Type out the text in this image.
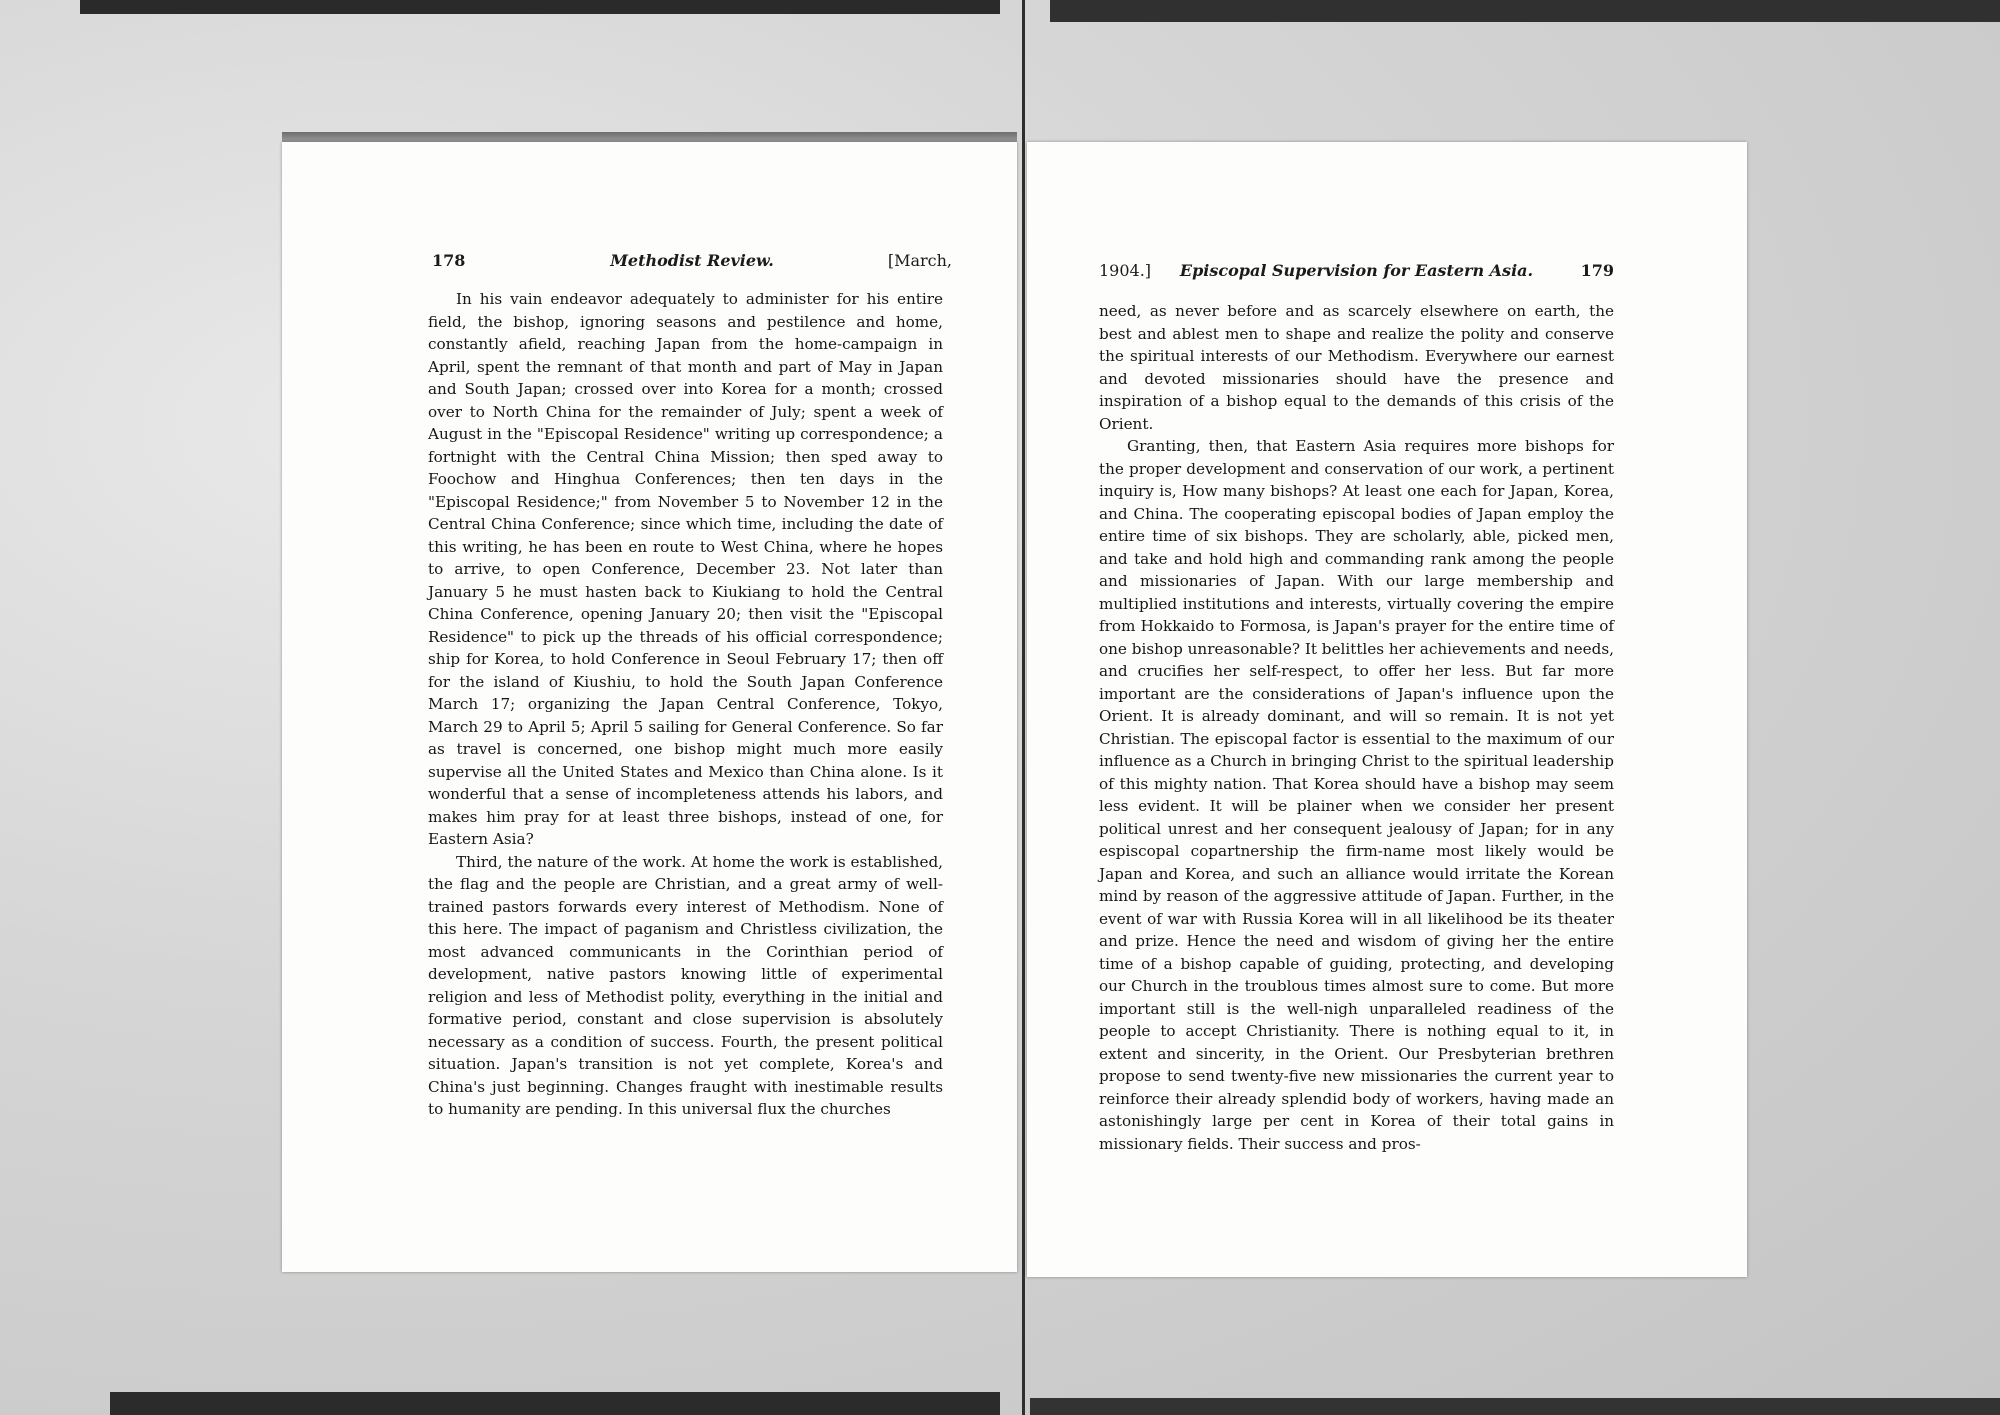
178	Methodist Review.	[March,

In his vain endeavor adequately to administer for his entire field, the bishop, ignoring seasons and pestilence and home, constantly afield, reaching Japan from the home-campaign in April, spent the remnant of that month and part of May in Japan and South Japan; crossed over into Korea for a month; crossed over to North China for the remainder of July; spent a week of August in the "Episcopal Residence" writing up correspondence; a fortnight with the Central China Mission; then sped away to Foochow and Hinghua Conferences; then ten days in the "Episcopal Residence;" from November 5 to November 12 in the Central China Conference; since which time, including the date of this writing, he has been en route to West China, where he hopes to arrive, to open Conference, December 23. Not later than January 5 he must hasten back to Kiukiang to hold the Central China Conference, opening January 20; then visit the "Episcopal Residence" to pick up the threads of his official correspondence; ship for Korea, to hold Conference in Seoul February 17; then off for the island of Kiushiu, to hold the South Japan Conference March 17; organizing the Japan Central Conference, Tokyo, March 29 to April 5; April 5 sailing for General Conference. So far as travel is concerned, one bishop might much more easily supervise all the United States and Mexico than China alone. Is it wonderful that a sense of incompleteness attends his labors, and makes him pray for at least three bishops, instead of one, for Eastern Asia?

Third, the nature of the work. At home the work is established, the flag and the people are Christian, and a great army of well-trained pastors forwards every interest of Methodism. None of this here. The impact of paganism and Christless civilization, the most advanced communicants in the Corinthian period of development, native pastors knowing little of experimental religion and less of Methodist polity, everything in the initial and formative period, constant and close supervision is absolutely necessary as a condition of success. Fourth, the present political situation. Japan's transition is not yet complete, Korea's and China's just beginning. Changes fraught with inestimable results to humanity are pending. In this universal flux the churches

1904.]	Episcopal Supervision for Eastern Asia.	179

need, as never before and as scarcely elsewhere on earth, the best and ablest men to shape and realize the polity and conserve the spiritual interests of our Methodism. Everywhere our earnest and devoted missionaries should have the presence and inspiration of a bishop equal to the demands of this crisis of the Orient.

Granting, then, that Eastern Asia requires more bishops for the proper development and conservation of our work, a pertinent inquiry is, How many bishops? At least one each for Japan, Korea, and China. The cooperating episcopal bodies of Japan employ the entire time of six bishops. They are scholarly, able, picked men, and take and hold high and commanding rank among the people and missionaries of Japan. With our large membership and multiplied institutions and interests, virtually covering the empire from Hokkaido to Formosa, is Japan's prayer for the entire time of one bishop unreasonable? It belittles her achievements and needs, and crucifies her self-respect, to offer her less. But far more important are the considerations of Japan's influence upon the Orient. It is already dominant, and will so remain. It is not yet Christian. The episcopal factor is essential to the maximum of our influence as a Church in bringing Christ to the spiritual leadership of this mighty nation. That Korea should have a bishop may seem less evident. It will be plainer when we consider her present political unrest and her consequent jealousy of Japan; for in any espiscopal copartnership the firm-name most likely would be Japan and Korea, and such an alliance would irritate the Korean mind by reason of the aggressive attitude of Japan. Further, in the event of war with Russia Korea will in all likelihood be its theater and prize. Hence the need and wisdom of giving her the entire time of a bishop capable of guiding, protecting, and developing our Church in the troublous times almost sure to come. But more important still is the well-nigh unparalleled readiness of the people to accept Christianity. There is nothing equal to it, in extent and sincerity, in the Orient. Our Presbyterian brethren propose to send twenty-five new missionaries the current year to reinforce their already splendid body of workers, having made an astonishingly large per cent in Korea of their total gains in missionary fields. Their success and pros-
